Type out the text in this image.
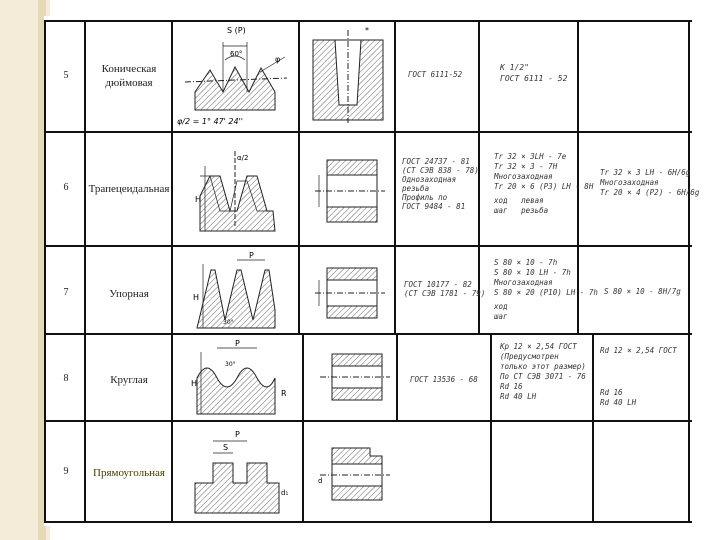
5
6
7
8
9
Коническая
дюймовая
Трапецеидальная
Упорная
Круглая
Прямоугольная
S (P)
60°
φ
φ/2 = 1° 47' 24''
*
ГОСТ 6111-52
К 1/2"
ГОСТ 6111 - 52
H
α/2	ГОСТ 24737 - 81
(СТ СЭВ 838 - 78)
Однозаходная
резьба
Профиль по
ГОСТ 9484 - 81
Tr 32 × 3LH - 7e
Tr 32 × 3 - 7H
Многозаходная
Tr 20 × 6 (P3) LH - 8H
ход левая
шаг резьба
Tr 32 × 3 LH - 6H/6g
Многозаходная
Tr 20 × 4 (P2) - 6H/6g
H
P
30°
ГОСТ 10177 - 82
(СТ СЭВ 1781 - 79)
S 80 × 10 - 7h
S 80 × 10 LH - 7h
Многозаходная
S 80 × 20 (P10) LH - 7h
ход
шаг
S 80 × 10 - 8H/7g
H
P
R
30°
ГОСТ 13536 - 68
Кр 12 × 2,54 ГОСТ
(Предусмотрен
только этот размер)
По СТ СЭВ 3071 - 76
Rd 16
Rd 40 LH
Rd 12 × 2,54 ГОСТ
Rd 16
Rd 40 LH
P
S
d₁
d
